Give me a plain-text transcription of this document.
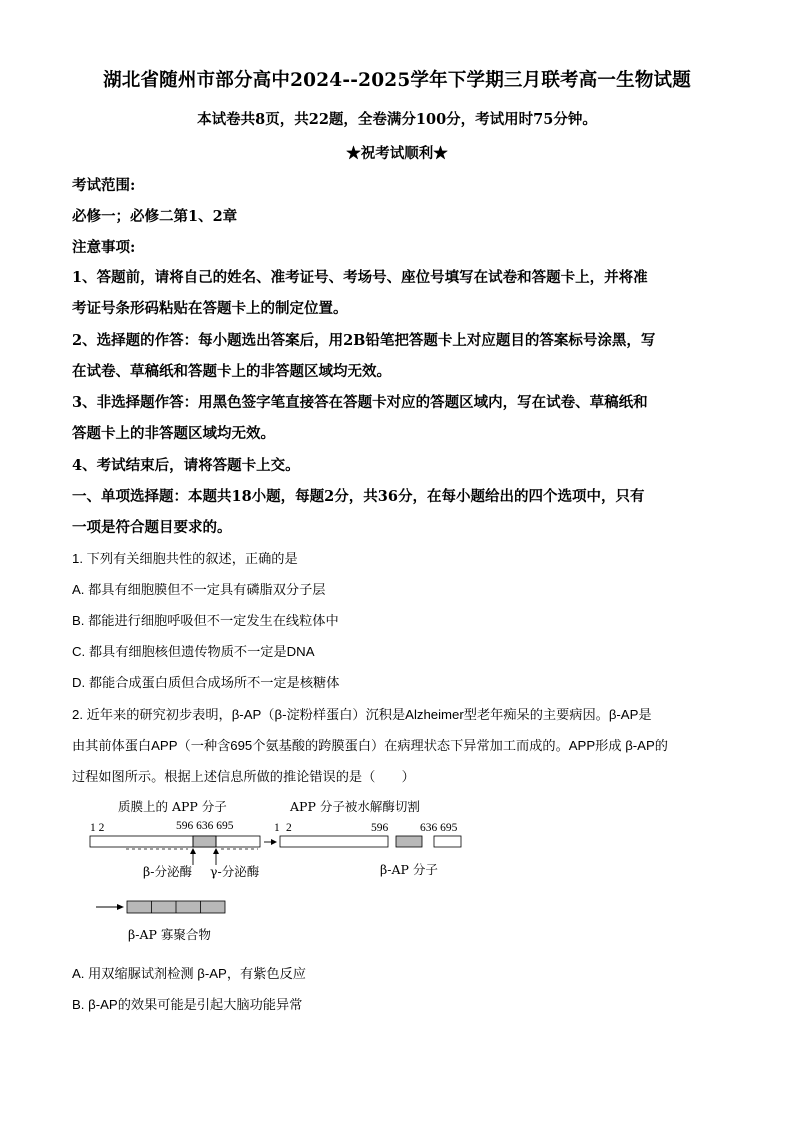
湖北省随州市部分高中2024--2025学年下学期三月联考高一生物试题
本试卷共8页，共22题，全卷满分100分，考试用时75分钟。
★祝考试顺利★
考试范围:
必修一；必修二第1、2章
注意事项:
1、答题前，请将自己的姓名、准考证号、考场号、座位号填写在试卷和答题卡上，并将准
考证号条形码粘贴在答题卡上的制定位置。
2、选择题的作答：每小题选出答案后，用2B铅笔把答题卡上对应题目的答案标号涂黑，写
在试卷、草稿纸和答题卡上的非答题区域均无效。
3、非选择题作答：用黑色签字笔直接答在答题卡对应的答题区域内，写在试卷、草稿纸和
答题卡上的非答题区域均无效。
4、考试结束后，请将答题卡上交。
一、单项选择题：本题共18小题，每题2分，共36分，在每小题给出的四个选项中，只有
一项是符合题目要求的。
1. 下列有关细胞共性的叙述，正确的是
A. 都具有细胞膜但不一定具有磷脂双分子层
B. 都能进行细胞呼吸但不一定发生在线粒体中
C. 都具有细胞核但遗传物质不一定是DNA
D. 都能合成蛋白质但合成场所不一定是核糖体
2. 近年来的研究初步表明，β-AP（β-淀粉样蛋白）沉积是Alzheimer型老年痴呆的主要病因。β-AP是
由其前体蛋白APP（一种含695个氨基酸的跨膜蛋白）在病理状态下异常加工而成的。APP形成 β-AP的
过程如图所示。根据上述信息所做的推论错误的是（　　）
质膜上的 APP 分子	APP 分子被水解酶切割
1 2	596 636 695
β-分泌酶 γ-分泌酶
1 2	596	636 695
β-AP 分子
β-AP 寡聚合物
A. 用双缩脲试剂检测 β-AP，有紫色反应
B. β-AP的效果可能是引起大脑功能异常
